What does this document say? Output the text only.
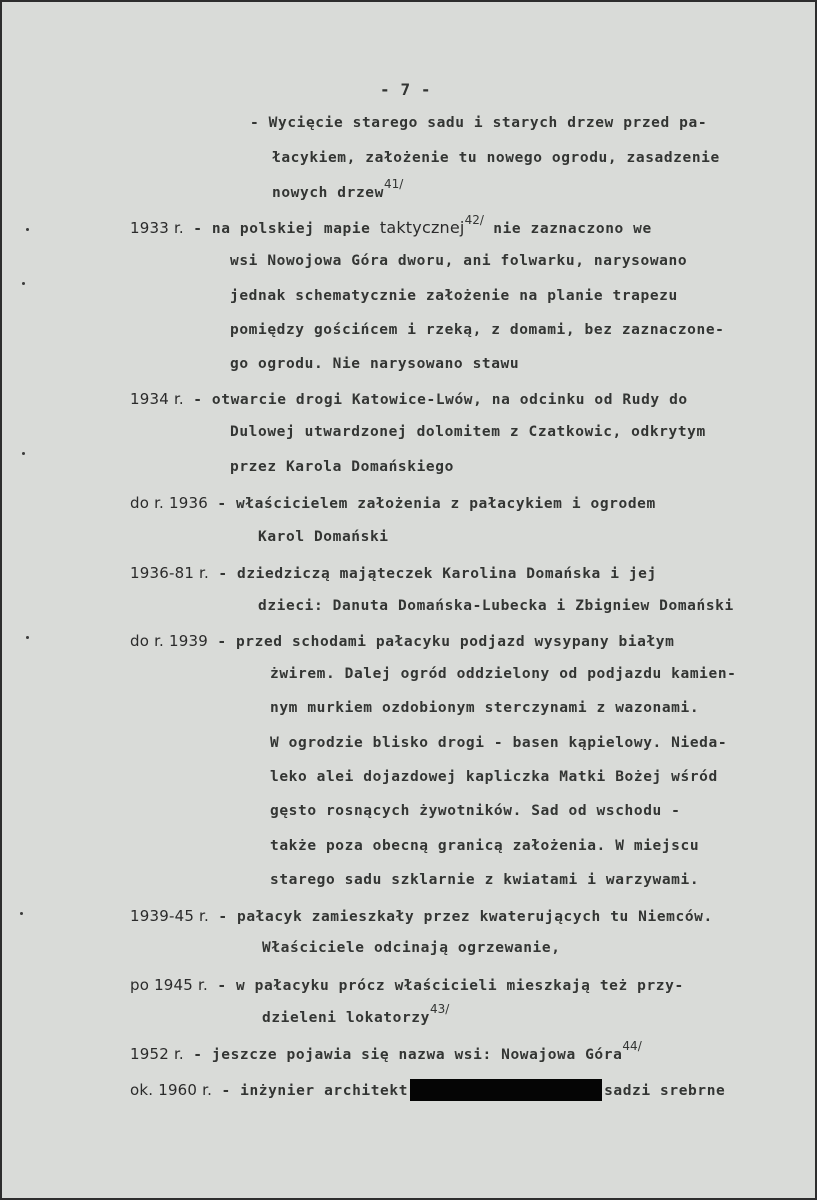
- 7 -
- Wycięcie starego sadu i starych drzew przed pa-
łacykiem, założenie tu nowego ogrodu, zasadzenie
nowych drzew$^{41/}$
1933 r. - na polskiej mapie taktycznej$^{42/}$ nie zaznaczono we
wsi Nowojowa Góra dworu, ani folwarku, narysowano
jednak schematycznie założenie na planie trapezu
pomiędzy gościńcem i rzeką, z domami, bez zaznaczone-
go ogrodu. Nie narysowano stawu
1934 r. - otwarcie drogi Katowice-Lwów, na odcinku od Rudy do
Dulowej utwardzonej dolomitem z Czatkowic, odkrytym
przez Karola Domańskiego
do r. 1936 - właścicielem założenia z pałacykiem i ogrodem
Karol Domański
1936-81 r. - dziedziczą mająteczek Karolina Domańska i jej
dzieci: Danuta Domańska-Lubecka i Zbigniew Domański
do r. 1939 - przed schodami pałacyku podjazd wysypany białym
żwirem. Dalej ogród oddzielony od podjazdu kamien-
nym murkiem ozdobionym sterczynami z wazonami.
W ogrodzie blisko drogi - basen kąpielowy. Nieda-
leko alei dojazdowej kapliczka Matki Bożej wśród
gęsto rosnących żywotników. Sad od wschodu -
także poza obecną granicą założenia. W miejscu
starego sadu szklarnie z kwiatami i warzywami.
1939-45 r. - pałacyk zamieszkały przez kwaterujących tu Niemców.
Właściciele odcinają ogrzewanie,
po 1945 r. - w pałacyku prócz właścicieli mieszkają też przy-
dzieleni lokatorzy$^{43/}$
1952 r. - jeszcze pojawia się nazwa wsi: Nowajowa Góra$^{44/}$
ok. 1960 r. - inżynier architekt	sadzi srebrne
